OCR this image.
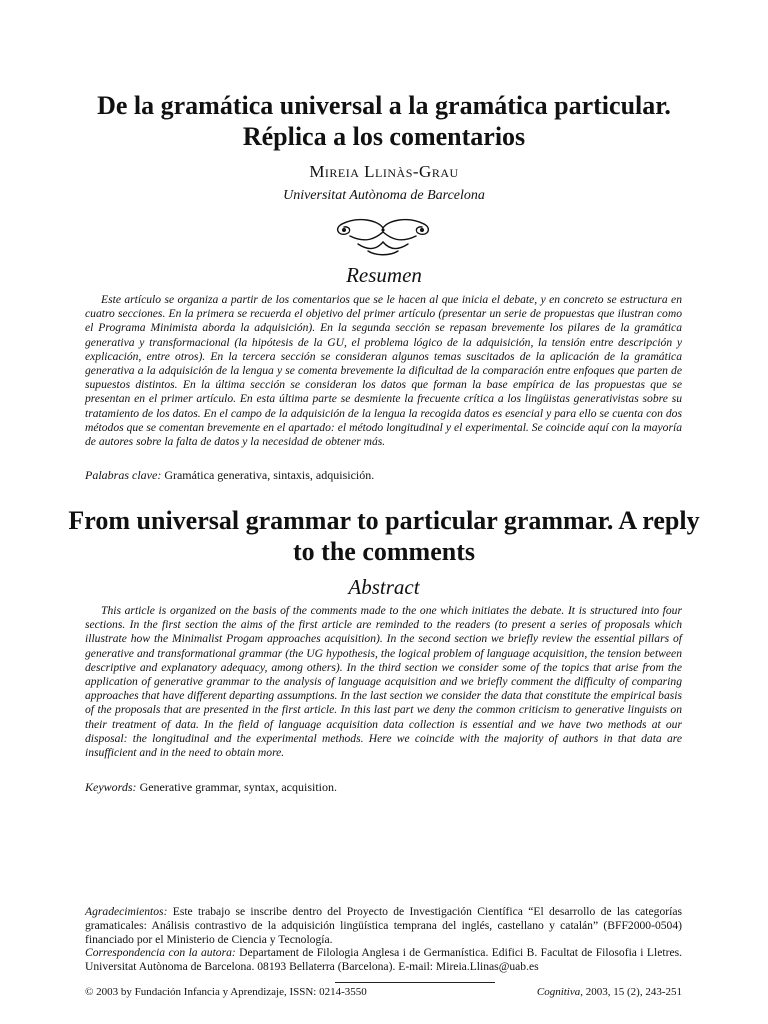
De la gramática universal a la gramática particular. Réplica a los comentarios
Mireia Llinàs-Grau
Universitat Autònoma de Barcelona
Resumen

Este artículo se organiza a partir de los comentarios que se le hacen al que inicia el debate, y en concreto se estructura en cuatro secciones. En la primera se recuerda el objetivo del primer artículo (presentar un serie de propuestas que ilustran como el Programa Minimista aborda la adquisición). En la segunda sección se repasan brevemente los pilares de la gramática generativa y transformacional (la hipótesis de la GU, el problema lógico de la adquisición, la tensión entre descripción y explicación, entre otros). En la tercera sección se consideran algunos temas suscitados de la aplicación de la gramática generativa a la adquisición de la lengua y se comenta brevemente la dificultad de la comparación entre enfoques que parten de supuestos distintos. En la última sección se consideran los datos que forman la base empírica de las propuestas que se presentan en el primer artículo. En esta última parte se desmiente la frecuente crítica a los lingüistas generativistas sobre su tratamiento de los datos. En el campo de la adquisición de la lengua la recogida datos es esencial y para ello se cuenta con dos métodos que se comentan brevemente en el apartado: el método longitudinal y el experimental. Se coincide aquí con la mayoría de autores sobre la falta de datos y la necesidad de obtener más.

Palabras clave: Gramática generativa, sintaxis, adquisición.

From universal grammar to particular grammar. A reply to the comments
Abstract

This article is organized on the basis of the comments made to the one which initiates the debate. It is structured into four sections. In the first section the aims of the first article are reminded to the readers (to present a series of proposals which illustrate how the Minimalist Progam approaches acquisition). In the second section we briefly review the essential pillars of generative and transformational grammar (the UG hypothesis, the logical problem of language acquisition, the tension between descriptive and explanatory adequacy, among others). In the third section we consider some of the topics that arise from the application of generative grammar to the analysis of language acquisition and we briefly comment the difficulty of comparing approaches that have different departing assumptions. In the last section we consider the data that constitute the empirical basis of the proposals that are presented in the first article. In this last part we deny the common criticism to generative linguists on their treatment of data. In the field of language acquisition data collection is essential and we have two methods at our disposal: the longitudinal and the experimental methods. Here we coincide with the majority of authors in that data are insufficient and in the need to obtain more.

Keywords: Generative grammar, syntax, acquisition.

Agradecimientos: Este trabajo se inscribe dentro del Proyecto de Investigación Científica “El desarrollo de las categorías gramaticales: Análisis contrastivo de la adquisición lingüística temprana del inglés, castellano y catalán” (BFF2000-0504) financiado por el Ministerio de Ciencia y Tecnología.
Correspondencia con la autora: Departament de Filologia Anglesa i de Germanística. Edifici B. Facultat de Filosofia i Lletres. Universitat Autònoma de Barcelona. 08193 Bellaterra (Barcelona). E-mail: Mireia.Llinas@uab.es
© 2003 by Fundación Infancia y Aprendizaje, ISSN: 0214-3550	Cognitiva, 2003, 15 (2), 243-251
